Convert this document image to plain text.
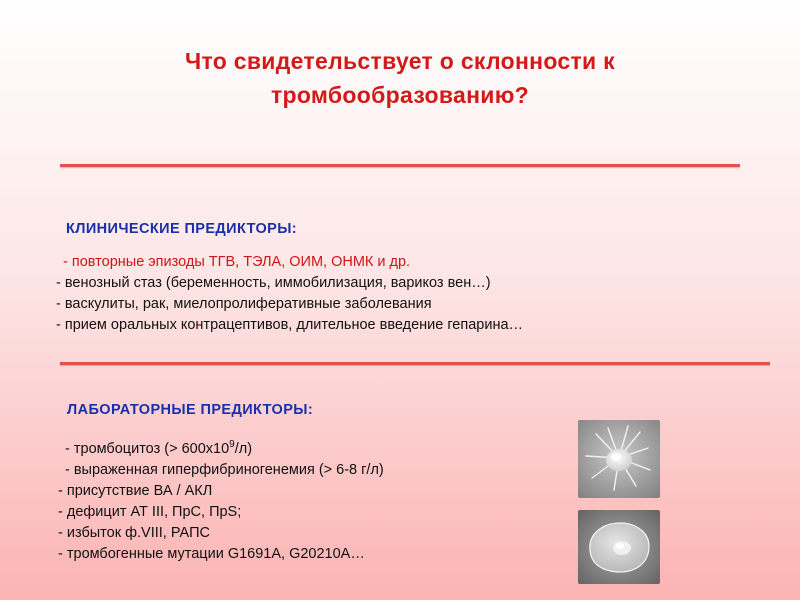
Что свидетельствует о склонности к
тромбообразованию?
КЛИНИЧЕСКИЕ ПРЕДИКТОРЫ:
- повторные эпизоды ТГВ, ТЭЛА, ОИМ, ОНМК и др.
- венозный стаз (беременность, иммобилизация, варикоз вен…)
- васкулиты, рак, миелопролиферативные заболевания
- прием оральных контрацептивов, длительное введение гепарина…
ЛАБОРАТОРНЫЕ ПРЕДИКТОРЫ:
- тромбоцитоз (> $600х10^9/л$)
- выраженная гиперфибриногенемия (> 6-8 г/л)
- присутствие ВА / АКЛ
- дефицит АТ III, ПрС, ПрS;
- избыток ф.VIII, РАПС
- тромбогенные мутации G1691A, G20210A…
